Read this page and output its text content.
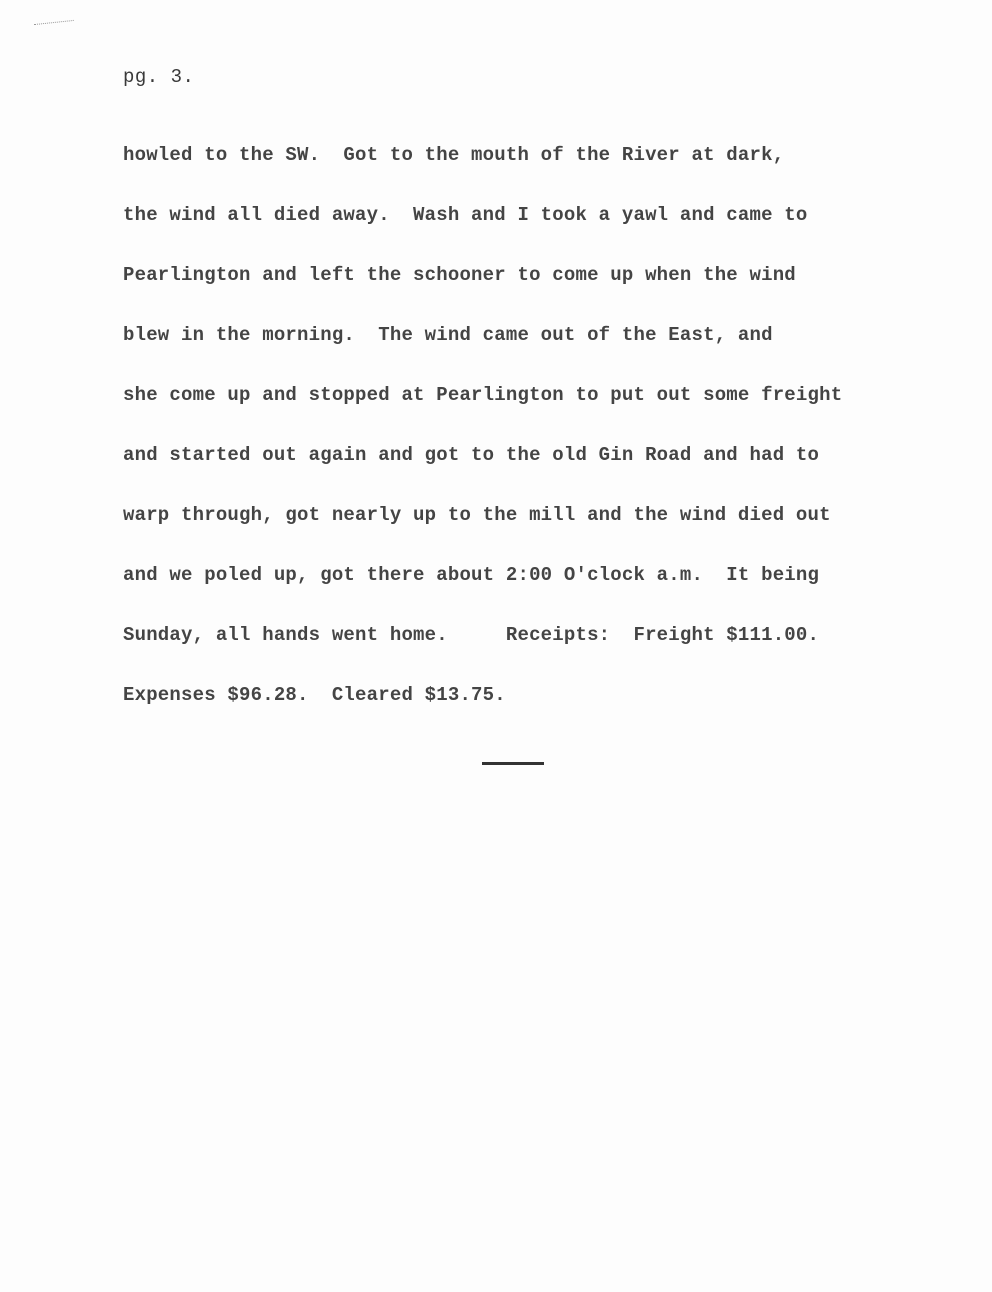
pg. 3.
howled to the SW.  Got to the mouth of the River at dark,
the wind all died away.  Wash and I took a yawl and came to
Pearlington and left the schooner to come up when the wind
blew in the morning.  The wind came out of the East, and
she come up and stopped at Pearlington to put out some freight
and started out again and got to the old Gin Road and had to
warp through, got nearly up to the mill and the wind died out
and we poled up, got there about 2:00 O'clock a.m.  It being
Sunday, all hands went home.     Receipts:  Freight $111.00.
Expenses $96.28.  Cleared $13.75.
